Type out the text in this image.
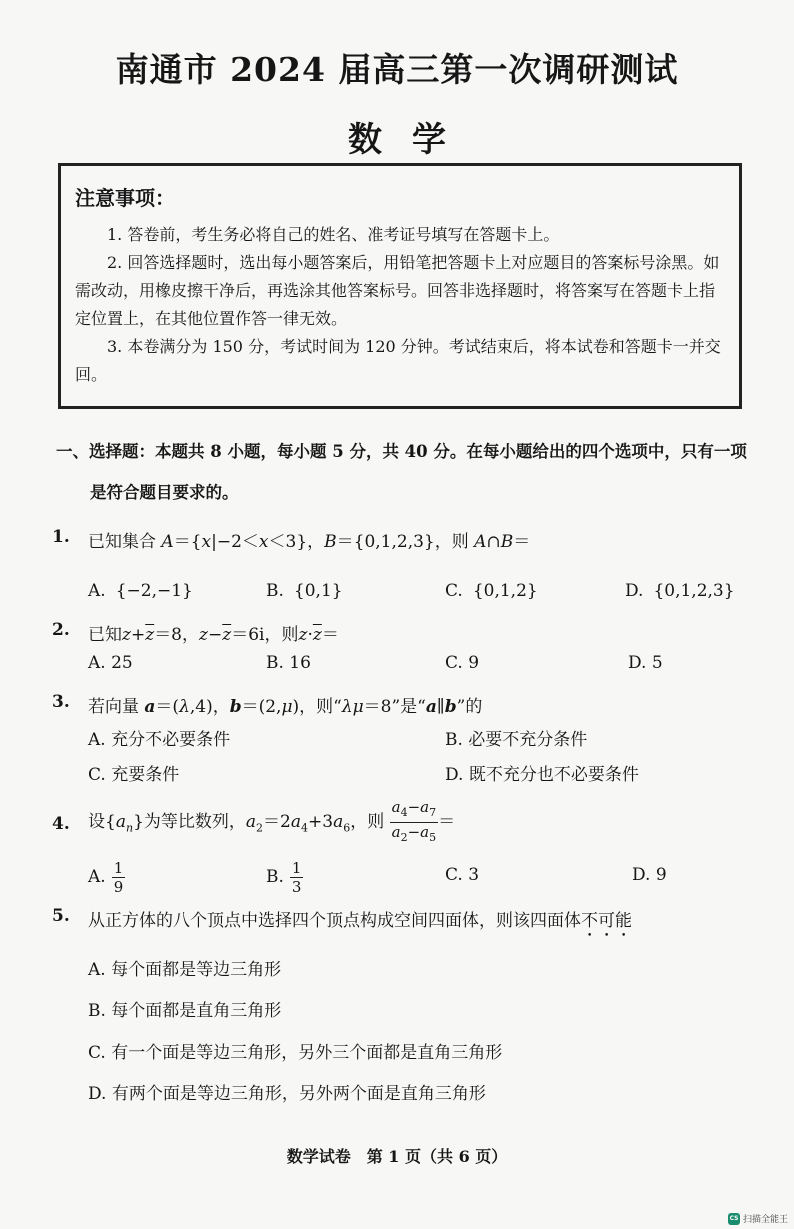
南通市 2024 届高三第一次调研测试
数学
注意事项：

1. 答卷前，考生务必将自己的姓名、准考证号填写在答题卡上。

2. 回答选择题时，选出每小题答案后，用铅笔把答题卡上对应题目的答案标号涂黑。如需改动，用橡皮擦干净后，再选涂其他答案标号。回答非选择题时，将答案写在答题卡上指定位置上，在其他位置作答一律无效。

3. 本卷满分为 150 分，考试时间为 120 分钟。考试结束后，将本试卷和答题卡一并交回。

一、选择题：本题共 8 小题，每小题 5 分，共 40 分。在每小题给出的四个选项中，只有一项
是符合题目要求的。
1. 已知集合 A＝{x|−2＜x＜3}，B＝{0,1,2,3}，则 A∩B＝
A. {−2,−1}	B. {0,1}	C. {0,1,2}	D. {0,1,2,3}
2. 已知$z+\overline{z}=8$，$z-\overline{z}=6i$，则$z\cdot\overline{z}=$
A. 25	B. 16	C. 9	D. 5
3. 若向量 a＝(λ,4)，b＝(2,μ)，则“λμ＝8”是“a∥b”的
A. 充分不必要条件	B. 必要不充分条件
C. 充要条件	D. 既不充分也不必要条件
4. 设$\{a_n\}$为等比数列，$a_2=2a_4+3a_6$，则 $\frac{a_4-a_7}{a_2-a_5}$ ＝
A. $\frac{1}{9}$	B. $\frac{1}{3}$	C. 3	D. 9
5. 从正方体的八个顶点中选择四个顶点构成空间四面体，则该四面体不可能
A. 每个面都是等边三角形
B. 每个面都是直角三角形
C. 有一个面是等边三角形，另外三个面都是直角三角形
D. 有两个面是等边三角形，另外两个面是直角三角形
数学试卷　第 1 页（共 6 页）
CS 扫描全能王
